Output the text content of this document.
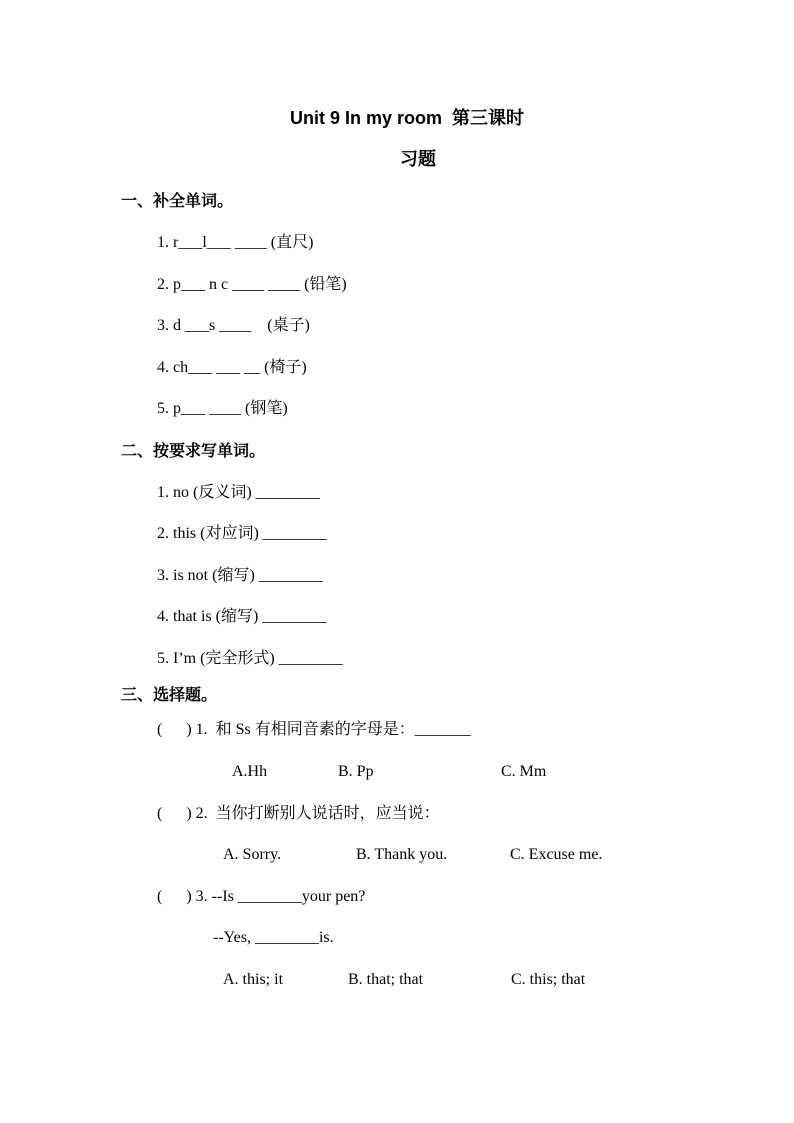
Unit 9 In my room  第三课时
习题
一、补全单词。
1. r___l___ ____ (直尺)
2. p___ n c ____ ____ (铅笔)
3. d ___s ____    (桌子)
4. ch___ ___ __ (椅子)
5. p___ ____ (钢笔)
二、按要求写单词。
1. no (反义词) ________
2. this (对应词) ________
3. is not (缩写) ________
4. that is (缩写) ________
5. I’m (完全形式) ________
三、选择题。
(      ) 1.  和 Ss 有相同音素的字母是：_______
A.Hh	B. Pp	C. Mm
(      ) 2.  当你打断别人说话时，应当说：
A. Sorry.	B. Thank you.	C. Excuse me.
(      ) 3. --Is ________your pen?
--Yes, ________is.
A. this; it	B. that; that	C. this; that
